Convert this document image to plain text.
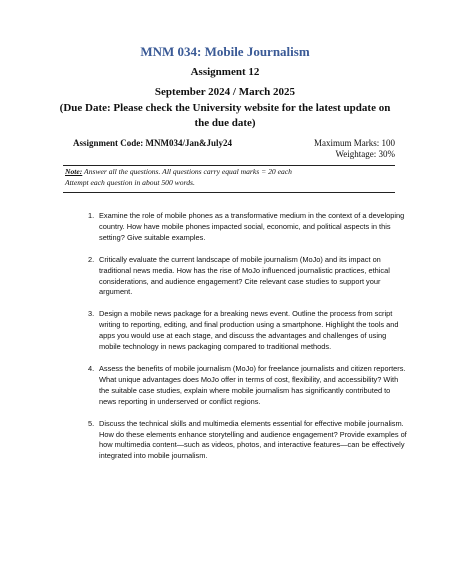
MNM 034: Mobile Journalism
Assignment 12
September 2024 / March 2025
(Due Date: Please check the University website for the latest update on
the due date)
Assignment Code: MNM034/Jan&July24	Maximum Marks: 100
Weightage: 30%
Note: Answer all the questions. All questions carry equal marks = 20 each
Attempt each question in about 500 words.
1. Examine the role of mobile phones as a transformative medium in the context of a developing country. How have mobile phones impacted social, economic, and political aspects in this setting? Give suitable examples.
2. Critically evaluate the current landscape of mobile journalism (MoJo) and its impact on traditional news media. How has the rise of MoJo influenced journalistic practices, ethical considerations, and audience engagement? Cite relevant case studies to support your argument.
3. Design a mobile news package for a breaking news event. Outline the process from script writing to reporting, editing, and final production using a smartphone. Highlight the tools and apps you would use at each stage, and discuss the advantages and challenges of using mobile technology in news packaging compared to traditional methods.
4. Assess the benefits of mobile journalism (MoJo) for freelance journalists and citizen reporters. What unique advantages does MoJo offer in terms of cost, flexibility, and accessibility? With the suitable case studies, explain where mobile journalism has significantly contributed to news reporting in underserved or conflict regions.
5. Discuss the technical skills and multimedia elements essential for effective mobile journalism. How do these elements enhance storytelling and audience engagement? Provide examples of how multimedia content—such as videos, photos, and interactive features—can be effectively integrated into mobile journalism.
